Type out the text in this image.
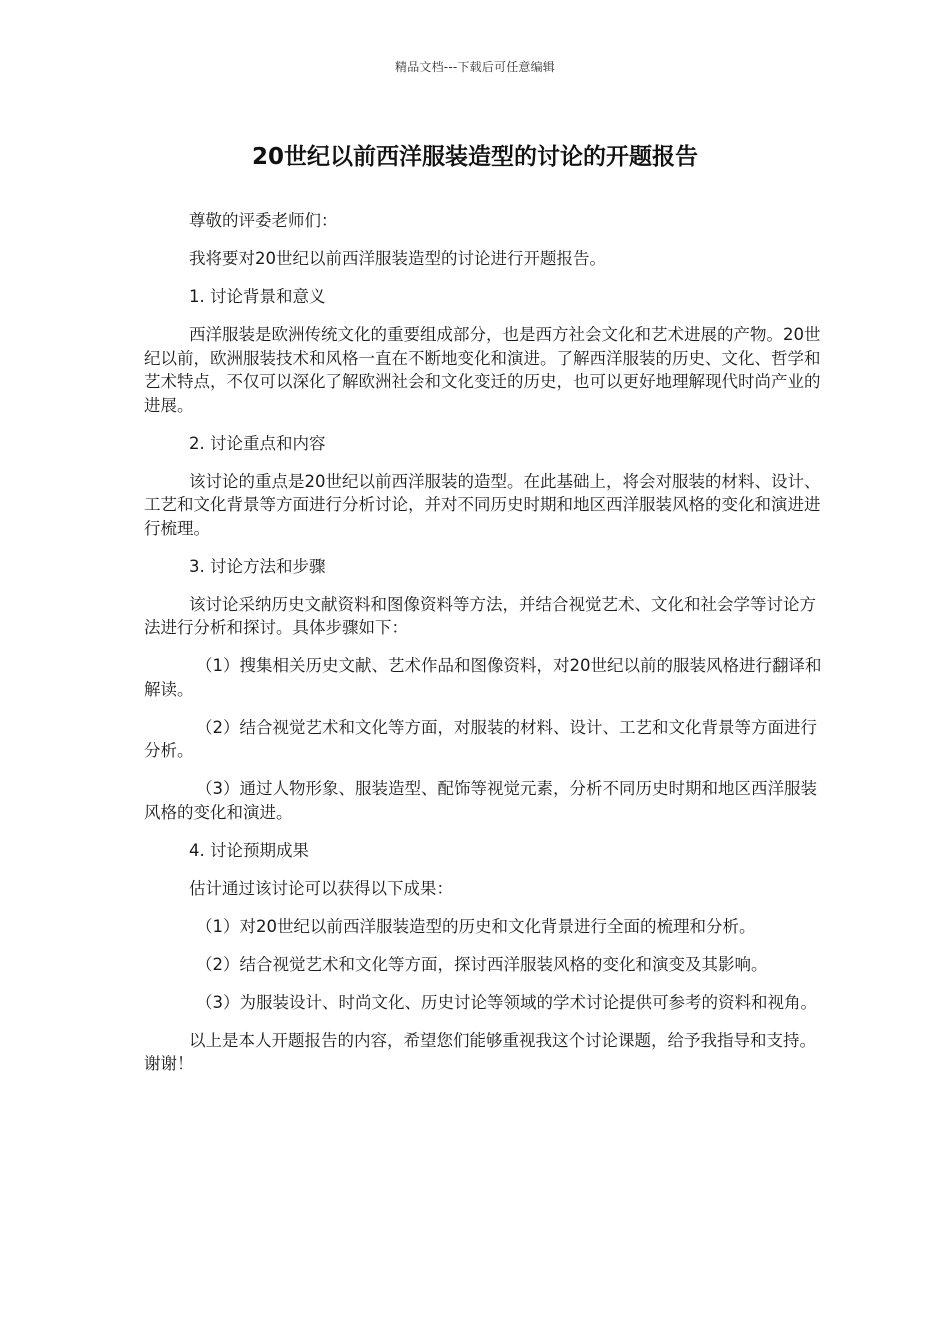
精品文档---下载后可任意编辑
20世纪以前西洋服装造型的讨论的开题报告

尊敬的评委老师们：

我将要对20世纪以前西洋服装造型的讨论进行开题报告。

1. 讨论背景和意义

西洋服装是欧洲传统文化的重要组成部分，也是西方社会文化和艺术进展的产物。20世纪以前，欧洲服装技术和风格一直在不断地变化和演进。了解西洋服装的历史、文化、哲学和艺术特点，不仅可以深化了解欧洲社会和文化变迁的历史，也可以更好地理解现代时尚产业的进展。

2. 讨论重点和内容

该讨论的重点是20世纪以前西洋服装的造型。在此基础上，将会对服装的材料、设计、工艺和文化背景等方面进行分析讨论，并对不同历史时期和地区西洋服装风格的变化和演进进行梳理。

3. 讨论方法和步骤

该讨论采纳历史文献资料和图像资料等方法，并结合视觉艺术、文化和社会学等讨论方法进行分析和探讨。具体步骤如下：

（1）搜集相关历史文献、艺术作品和图像资料，对20世纪以前的服装风格进行翻译和解读。

（2）结合视觉艺术和文化等方面，对服装的材料、设计、工艺和文化背景等方面进行分析。

（3）通过人物形象、服装造型、配饰等视觉元素，分析不同历史时期和地区西洋服装风格的变化和演进。

4. 讨论预期成果

估计通过该讨论可以获得以下成果：

（1）对20世纪以前西洋服装造型的历史和文化背景进行全面的梳理和分析。

（2）结合视觉艺术和文化等方面，探讨西洋服装风格的变化和演变及其影响。

（3）为服装设计、时尚文化、历史讨论等领域的学术讨论提供可参考的资料和视角。

以上是本人开题报告的内容，希望您们能够重视我这个讨论课题，给予我指导和支持。谢谢！
